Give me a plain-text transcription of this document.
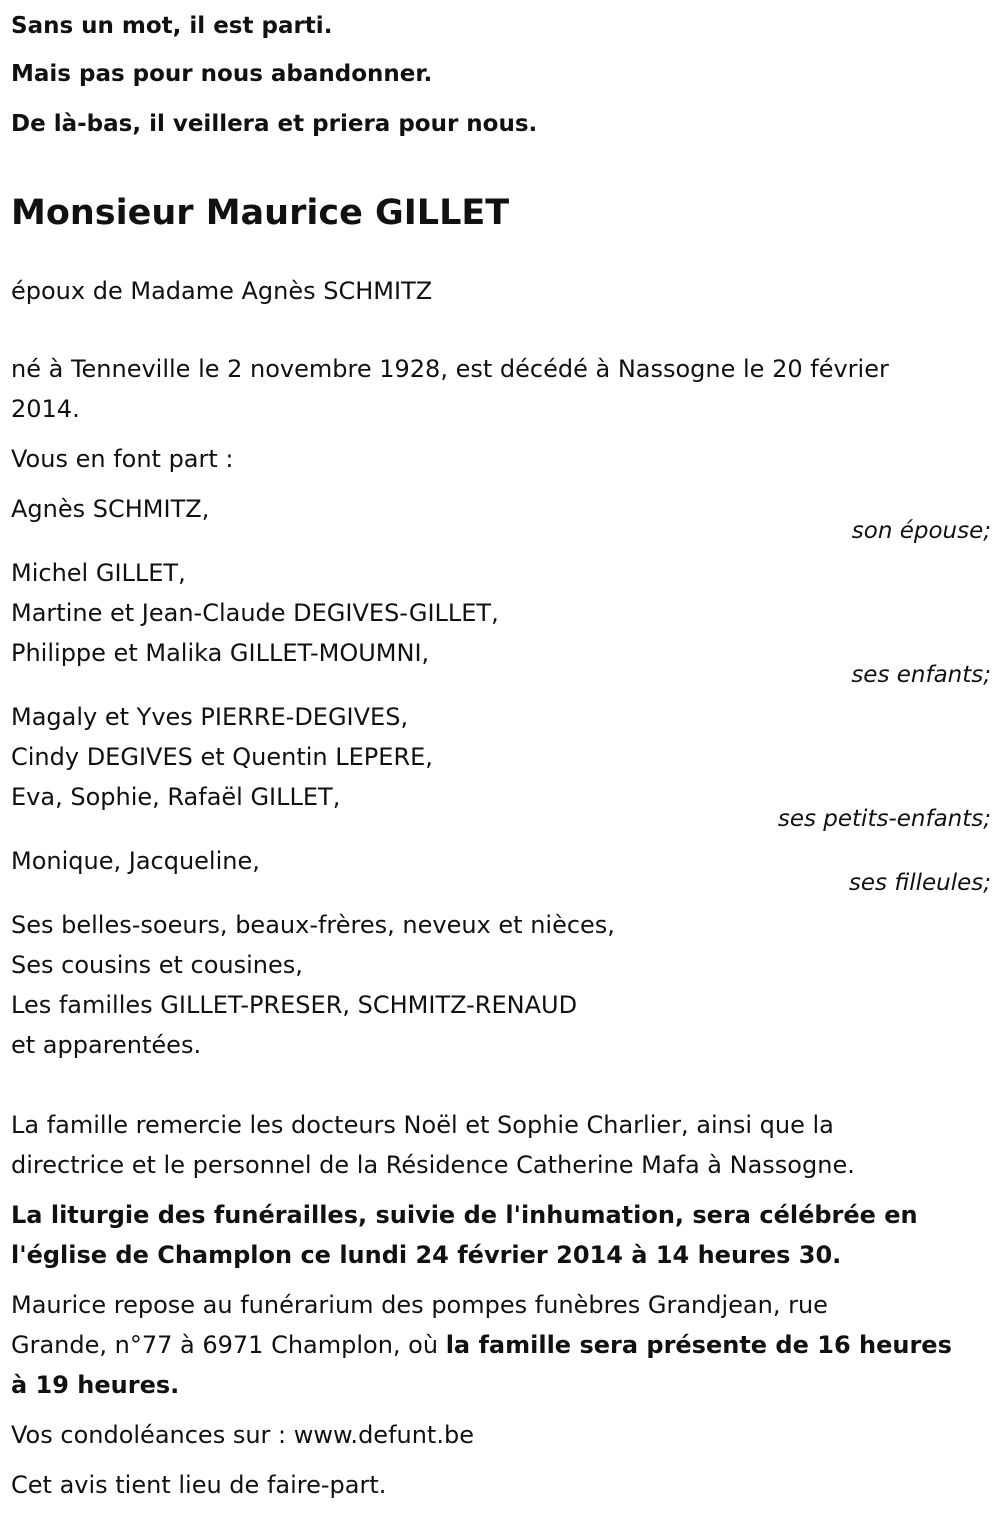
Sans un mot, il est parti.

Mais pas pour nous abandonner.

De là-bas, il veillera et priera pour nous.

Monsieur Maurice GILLET

époux de Madame Agnès SCHMITZ

né à Tenneville le 2 novembre 1928, est décédé à Nassogne le 20 février

2014.

Vous en font part :

Agnès SCHMITZ,

son épouse;

Michel GILLET,

Martine et Jean-Claude DEGIVES-GILLET,

Philippe et Malika GILLET-MOUMNI,

ses enfants;

Magaly et Yves PIERRE-DEGIVES,

Cindy DEGIVES et Quentin LEPERE,

Eva, Sophie, Rafaël GILLET,

ses petits-enfants;

Monique, Jacqueline,

ses filleules;

Ses belles-soeurs, beaux-frères, neveux et nièces,

Ses cousins et cousines,

Les familles GILLET-PRESER, SCHMITZ-RENAUD

et apparentées.

La famille remercie les docteurs Noël et Sophie Charlier, ainsi que la

directrice et le personnel de la Résidence Catherine Mafa à Nassogne.

La liturgie des funérailles, suivie de l'inhumation, sera célébrée en

l'église de Champlon ce lundi 24 février 2014 à 14 heures 30.

Maurice repose au funérarium des pompes funèbres Grandjean, rue

Grande, n°77 à 6971 Champlon, où la famille sera présente de 16 heures

à 19 heures.

Vos condoléances sur : www.defunt.be

Cet avis tient lieu de faire-part.
